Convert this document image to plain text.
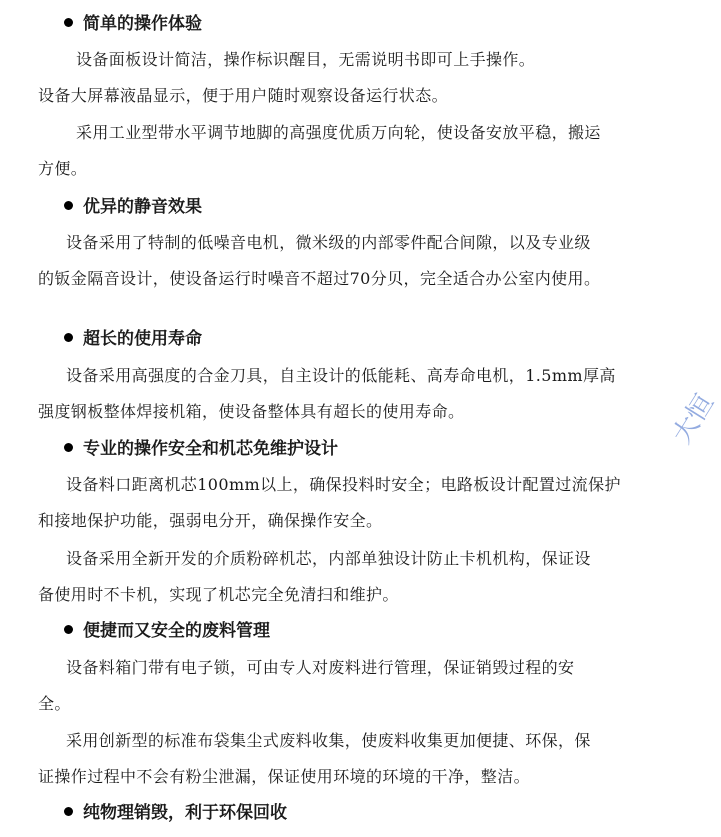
简单的操作体验
设备面板设计简洁，操作标识醒目，无需说明书即可上手操作。
设备大屏幕液晶显示，便于用户随时观察设备运行状态。
采用工业型带水平调节地脚的高强度优质万向轮，使设备安放平稳，搬运
方便。
优异的静音效果
设备采用了特制的低噪音电机，微米级的内部零件配合间隙，以及专业级
的钣金隔音设计，使设备运行时噪音不超过70分贝，完全适合办公室内使用。
超长的使用寿命
设备采用高强度的合金刀具，自主设计的低能耗、高寿命电机，1.5mm厚高
强度钢板整体焊接机箱，使设备整体具有超长的使用寿命。
专业的操作安全和机芯免维护设计
设备料口距离机芯100mm以上，确保投料时安全；电路板设计配置过流保护
和接地保护功能，强弱电分开，确保操作安全。
设备采用全新开发的介质粉碎机芯，内部单独设计防止卡机机构，保证设
备使用时不卡机，实现了机芯完全免清扫和维护。
便捷而又安全的废料管理
设备料箱门带有电子锁，可由专人对废料进行管理，保证销毁过程的安
全。
采用创新型的标准布袋集尘式废料收集，使废料收集更加便捷、环保，保
证操作过程中不会有粉尘泄漏，保证使用环境的环境的干净，整洁。
纯物理销毁，利于环保回收
大恒
